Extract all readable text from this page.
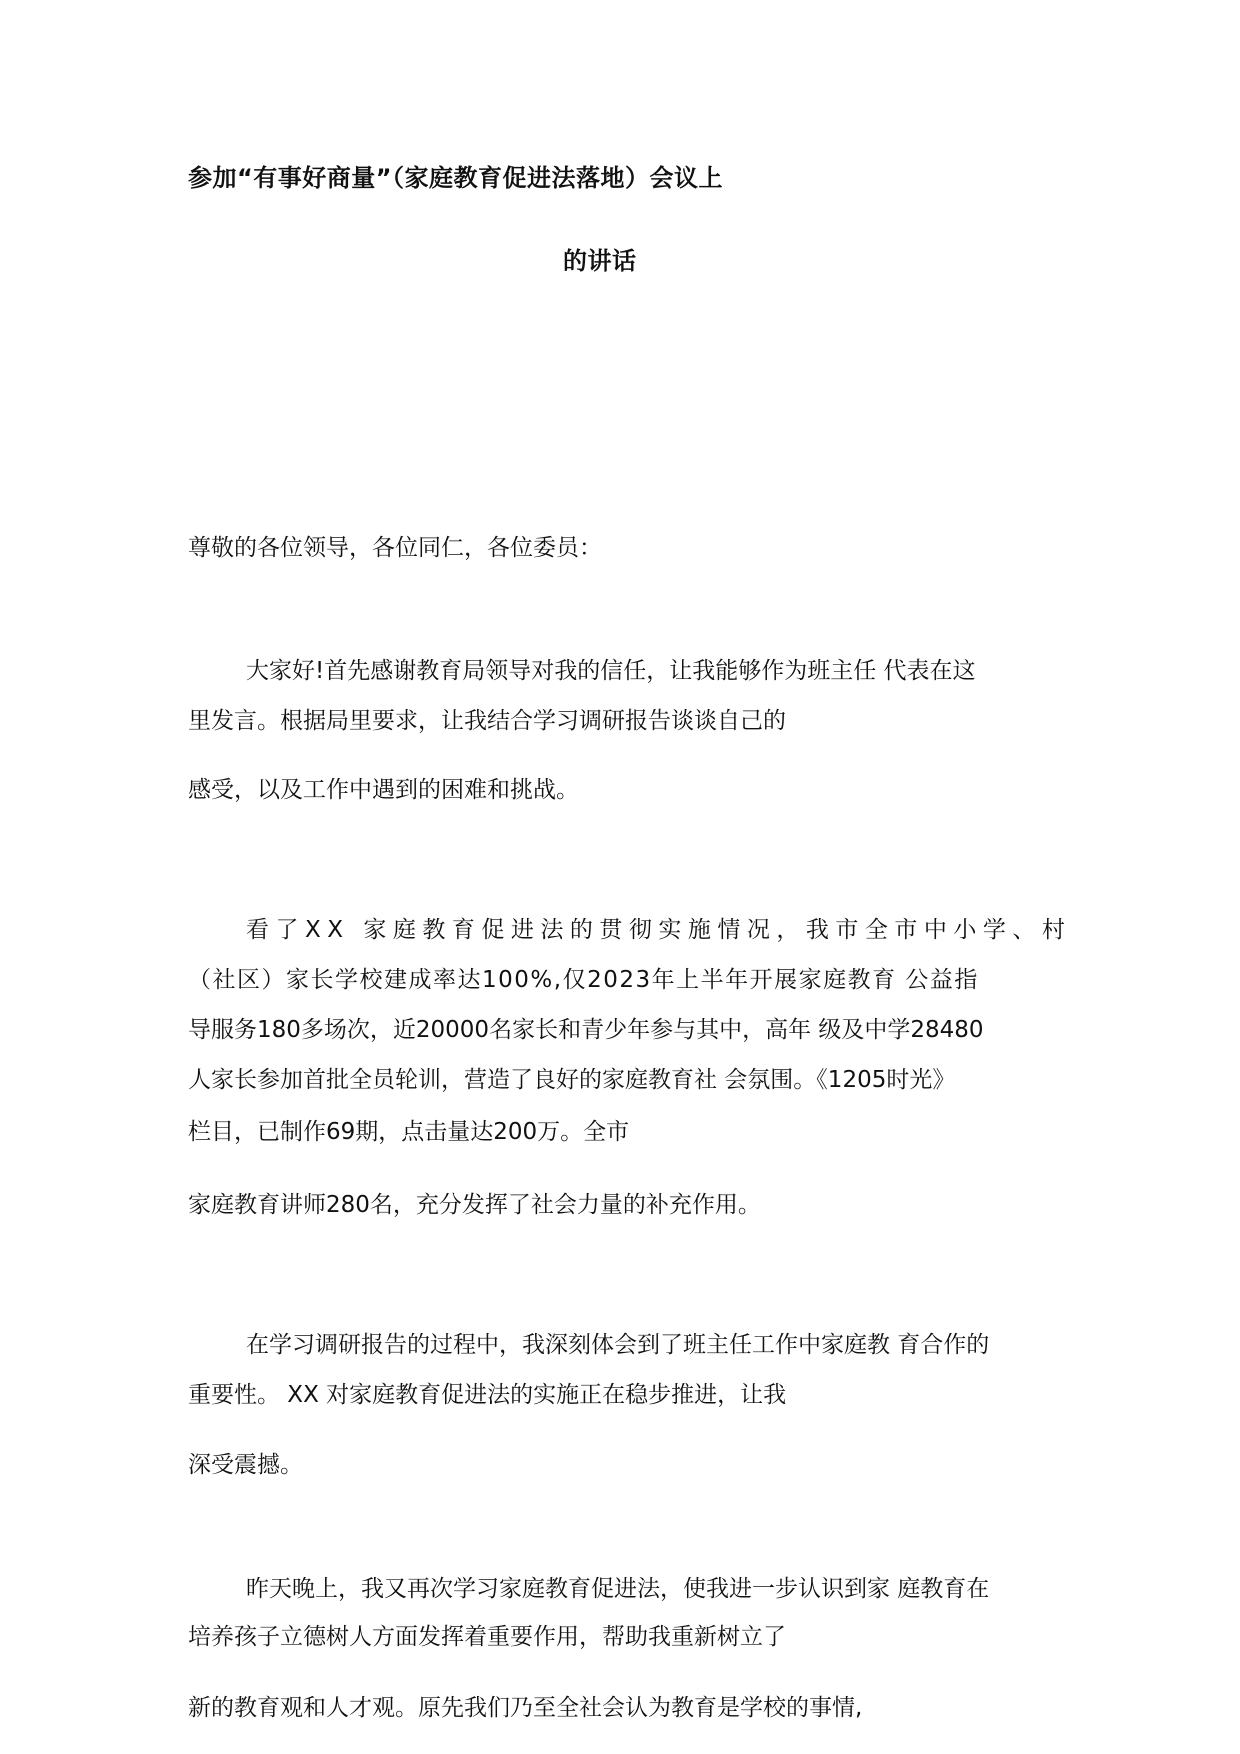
参加“有事好商量”（家庭教育促进法落地）会议上
的讲话
尊敬的各位领导，各位同仁，各位委员：
大家好!首先感谢教育局领导对我的信任，让我能够作为班主任 代表在这
里发言。根据局里要求，让我结合学习调研报告谈谈自己的
感受，以及工作中遇到的困难和挑战。
看了XX 家庭教育促进法的贯彻实施情况，我市全市中小学、村
（社区）家长学校建成率达100%,仅2023年上半年开展家庭教育 公益指
导服务180多场次，近20000名家长和青少年参与其中，高年 级及中学28480
人家长参加首批全员轮训，营造了良好的家庭教育社 会氛围。《1205时光》
栏目，已制作69期，点击量达200万。全市
家庭教育讲师280名，充分发挥了社会力量的补充作用。
在学习调研报告的过程中，我深刻体会到了班主任工作中家庭教 育合作的
重要性。 XX 对家庭教育促进法的实施正在稳步推进，让我
深受震撼。
昨天晚上，我又再次学习家庭教育促进法，使我进一步认识到家 庭教育在
培养孩子立德树人方面发挥着重要作用，帮助我重新树立了
新的教育观和人才观。原先我们乃至全社会认为教育是学校的事情,
